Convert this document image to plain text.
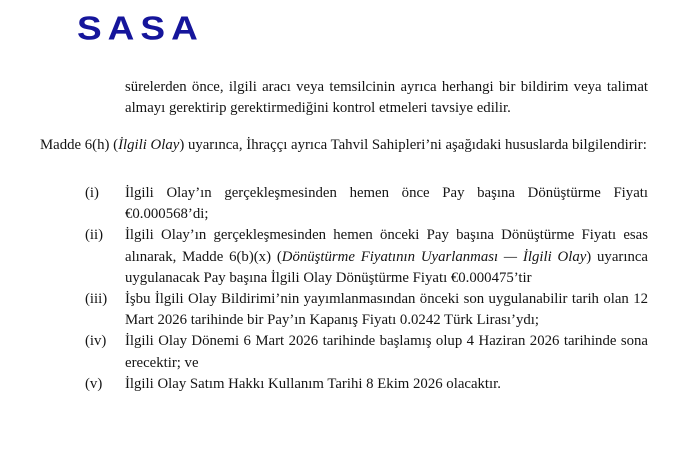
SASA

sürelerden önce, ilgili aracı veya temsilcinin ayrıca herhangi bir bildirim veya talimat almayı gerektirip gerektirmediğini kontrol etmeleri tavsiye edilir.

Madde 6(h) (İlgili Olay) uyarınca, İhraççı ayrıca Tahvil Sahipleri’ni aşağıdaki hususlarda bilgilendirir:

(i)	İlgili Olay’ın gerçekleşmesinden hemen önce Pay başına Dönüştürme Fiyatı €0.000568’di;
(ii)	İlgili Olay’ın gerçekleşmesinden hemen önceki Pay başına Dönüştürme Fiyatı esas alınarak, Madde 6(b)(x) (Dönüştürme Fiyatının Uyarlanması — İlgili Olay) uyarınca uygulanacak Pay başına İlgili Olay Dönüştürme Fiyatı €0.000475’tir
(iii)	İşbu İlgili Olay Bildirimi’nin yayımlanmasından önceki son uygulanabilir tarih olan 12 Mart 2026 tarihinde bir Pay’ın Kapanış Fiyatı 0.0242 Türk Lirası’ydı;
(iv)	İlgili Olay Dönemi 6 Mart 2026 tarihinde başlamış olup 4 Haziran 2026 tarihinde sona erecektir; ve
(v)	İlgili Olay Satım Hakkı Kullanım Tarihi 8 Ekim 2026 olacaktır.
